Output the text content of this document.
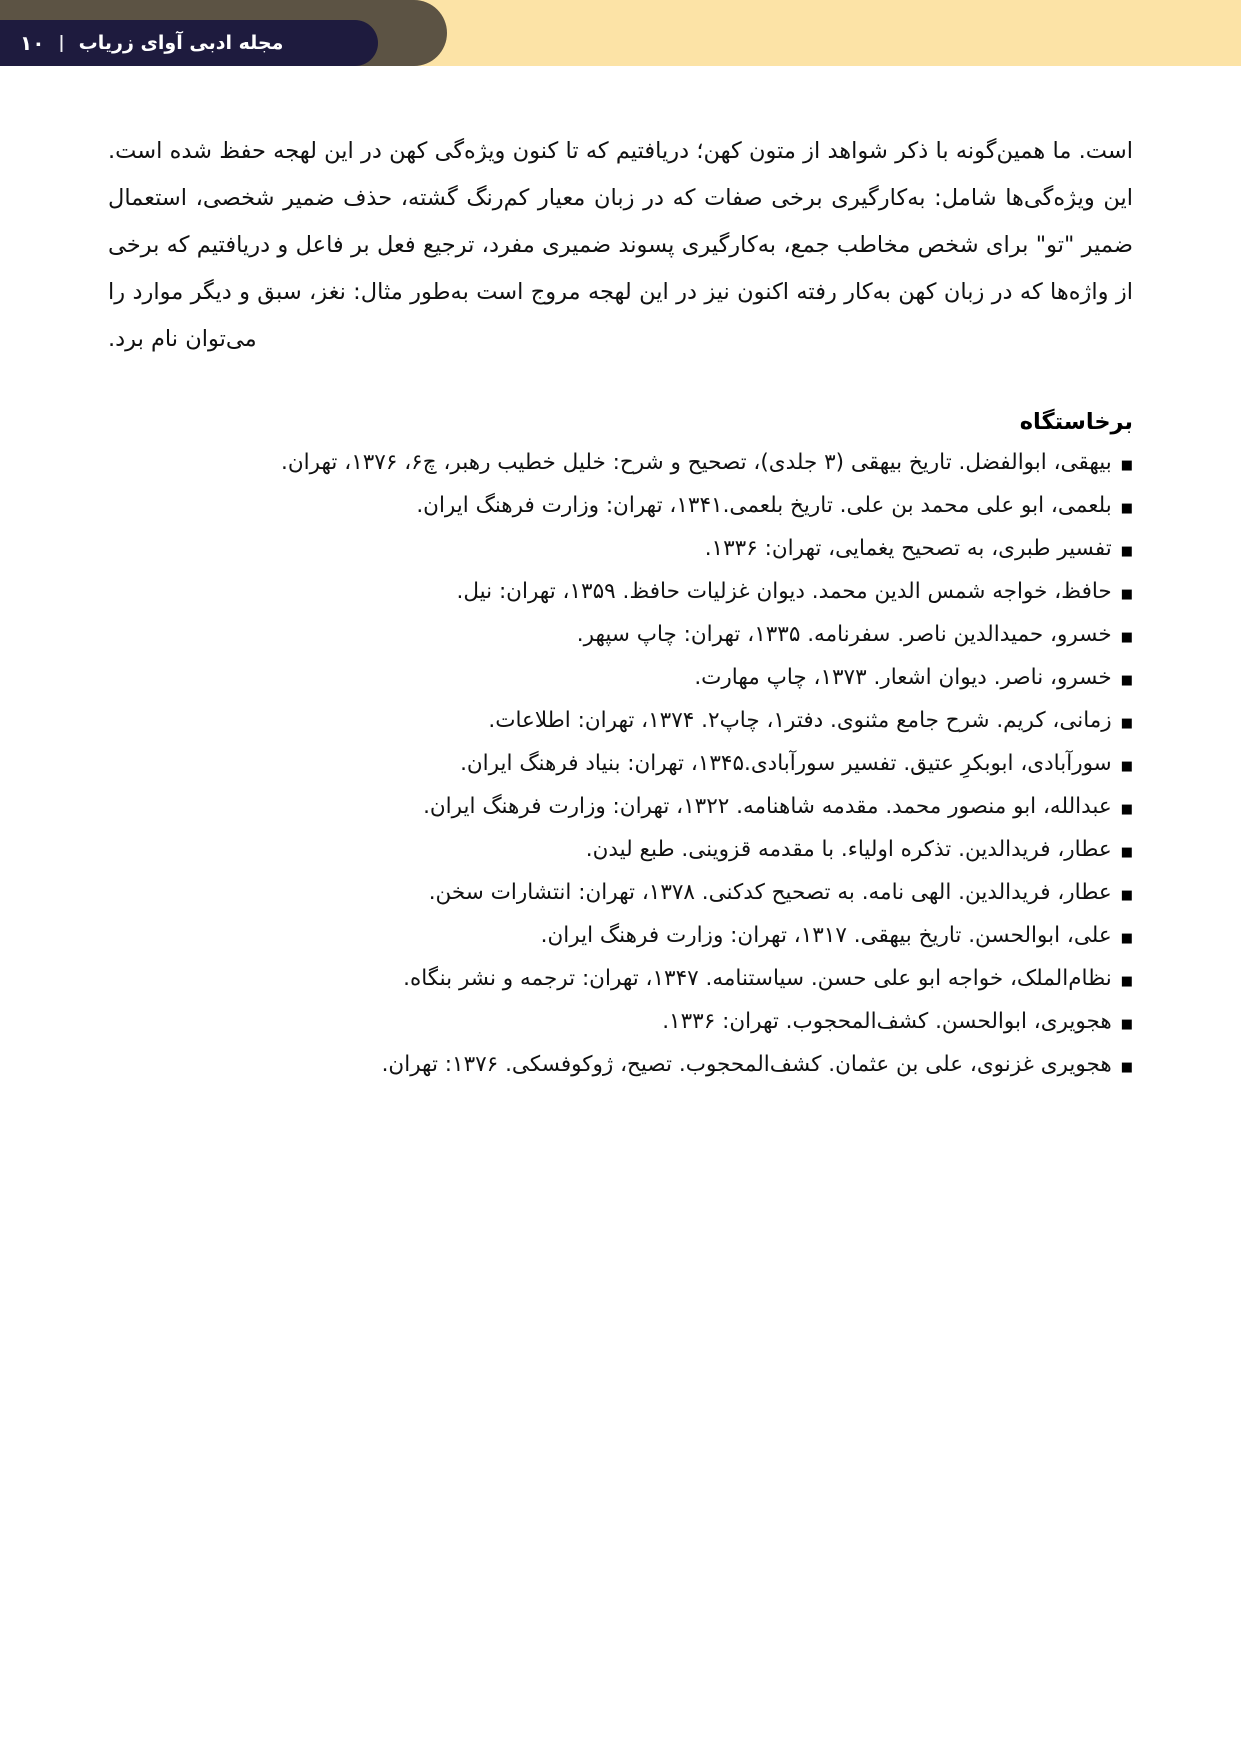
مجله ادبی آوای زریاب
|
۱۰

است. ما همین‌گونه با ذکر شواهد از متون کهن؛ دریافتیم که تا کنون ویژه‌گی کهن در این لهجه حفظ شده است. این ویژه‌گی‌ها شامل: به‌کارگیری برخی صفات که در زبان معیار کم‌رنگ گشته، حذف ضمیر شخصی، استعمال ضمیر "تو" برای شخص مخاطب جمع، به‌کارگیری پسوند ضمیری مفرد، ترجیع فعل بر فاعل و دریافتیم که برخی از واژه‌ها که در زبان کهن به‌کار رفته اکنون نیز در این لهجه مروج است به‌طور مثال: نغز، سبق و دیگر موارد را می‌توان نام برد.

برخاستگاه
■
بیهقی، ابوالفضل. تاریخ بیهقی (۳ جلدی)، تصحیح و شرح: خلیل خطیب رهبر، چ۶، ۱۳۷۶، تهران.
■
بلعمی، ابو علی محمد بن علی. تاریخ بلعمی.۱۳۴۱، تهران: وزارت فرهنگ ایران.
■
تفسیر طبری، به تصحیح یغمایی، تهران: ۱۳۳۶.
■
حافظ، خواجه شمس الدین محمد. دیوان غزلیات حافظ. ۱۳۵۹، تهران: نیل.
■
خسرو، حمیدالدین ناصر. سفرنامه. ۱۳۳۵، تهران: چاپ سپهر.
■
خسرو، ناصر. دیوان اشعار. ۱۳۷۳، چاپ مهارت.
■
زمانی، کریم. شرح جامع مثنوی. دفتر۱، چاپ۲. ۱۳۷۴، تهران: اطلاعات.
■
سورآبادی، ابوبکرِ عتیق. تفسیر سورآبادی.۱۳۴۵، تهران: بنیاد فرهنگ ایران.
■
عبدالله، ابو منصور محمد. مقدمه شاهنامه. ۱۳۲۲، تهران: وزارت فرهنگ ایران.
■
عطار، فریدالدین. تذکره اولیاء. با مقدمه قزوینی. طبع لیدن.
■
عطار، فریدالدین. الهی نامه. به تصحیح کدکنی. ۱۳۷۸، تهران: انتشارات سخن.
■
علی، ابوالحسن. تاریخ بیهقی. ۱۳۱۷، تهران: وزارت فرهنگ ایران.
■
نظام‌الملک، خواجه ابو علی حسن. سیاستنامه. ۱۳۴۷، تهران: ترجمه و نشر بنگاه.
■
هجویری، ابوالحسن. کشف‌المحجوب. تهران: ۱۳۳۶.
■
هجویری غزنوی، علی بن عثمان. کشف‌المحجوب. تصیح، ژوکوفسکی. ۱۳۷۶: تهران.
